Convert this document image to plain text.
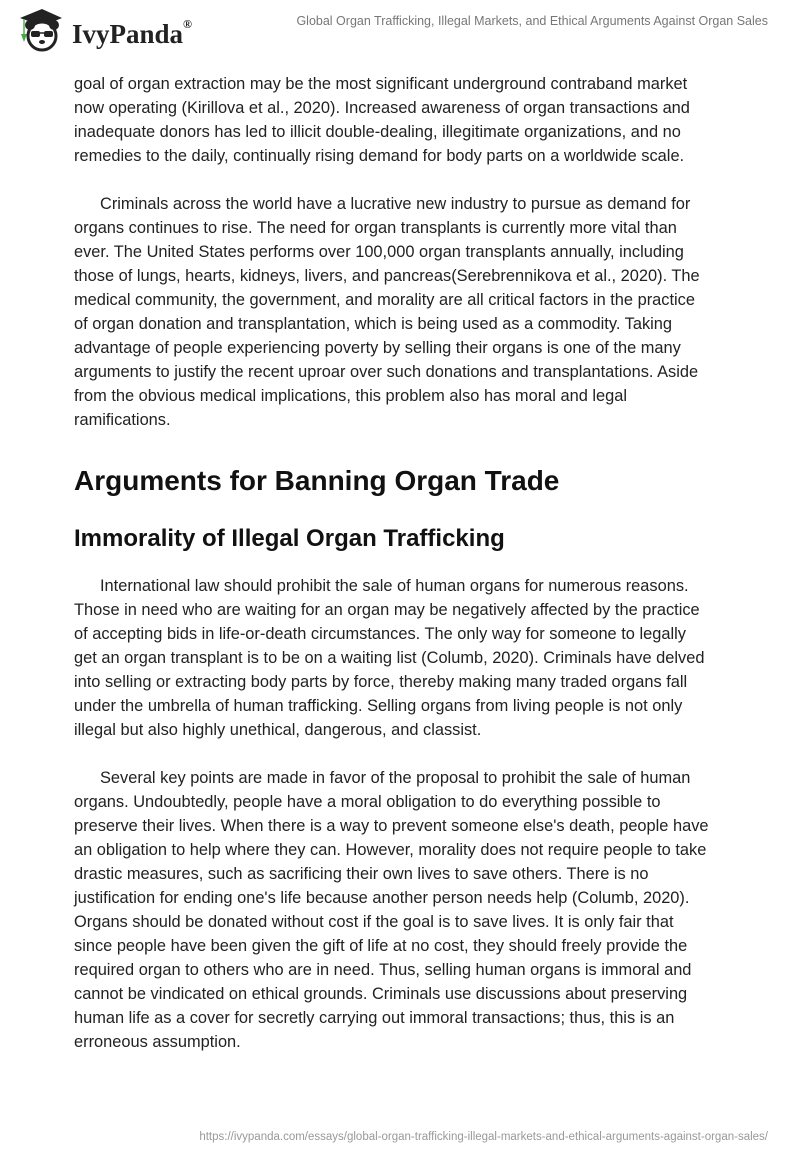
IvyPanda®	Global Organ Trafficking, Illegal Markets, and Ethical Arguments Against Organ Sales

goal of organ extraction may be the most significant underground contraband market
now operating (Kirillova et al., 2020). Increased awareness of organ transactions and
inadequate donors has led to illicit double-dealing, illegitimate organizations, and no
remedies to the daily, continually rising demand for body parts on a worldwide scale.

Criminals across the world have a lucrative new industry to pursue as demand for
organs continues to rise. The need for organ transplants is currently more vital than
ever. The United States performs over 100,000 organ transplants annually, including
those of lungs, hearts, kidneys, livers, and pancreas(Serebrennikova et al., 2020). The
medical community, the government, and morality are all critical factors in the practice
of organ donation and transplantation, which is being used as a commodity. Taking
advantage of people experiencing poverty by selling their organs is one of the many
arguments to justify the recent uproar over such donations and transplantations. Aside
from the obvious medical implications, this problem also has moral and legal
ramifications.

Arguments for Banning Organ Trade
Immorality of Illegal Organ Trafficking

International law should prohibit the sale of human organs for numerous reasons.
Those in need who are waiting for an organ may be negatively affected by the practice
of accepting bids in life-or-death circumstances. The only way for someone to legally
get an organ transplant is to be on a waiting list (Columb, 2020). Criminals have delved
into selling or extracting body parts by force, thereby making many traded organs fall
under the umbrella of human trafficking. Selling organs from living people is not only
illegal but also highly unethical, dangerous, and classist.

Several key points are made in favor of the proposal to prohibit the sale of human
organs. Undoubtedly, people have a moral obligation to do everything possible to
preserve their lives. When there is a way to prevent someone else's death, people have
an obligation to help where they can. However, morality does not require people to take
drastic measures, such as sacrificing their own lives to save others. There is no
justification for ending one's life because another person needs help (Columb, 2020).
Organs should be donated without cost if the goal is to save lives. It is only fair that
since people have been given the gift of life at no cost, they should freely provide the
required organ to others who are in need. Thus, selling human organs is immoral and
cannot be vindicated on ethical grounds. Criminals use discussions about preserving
human life as a cover for secretly carrying out immoral transactions; thus, this is an
erroneous assumption.

https://ivypanda.com/essays/global-organ-trafficking-illegal-markets-and-ethical-arguments-against-organ-sales/
